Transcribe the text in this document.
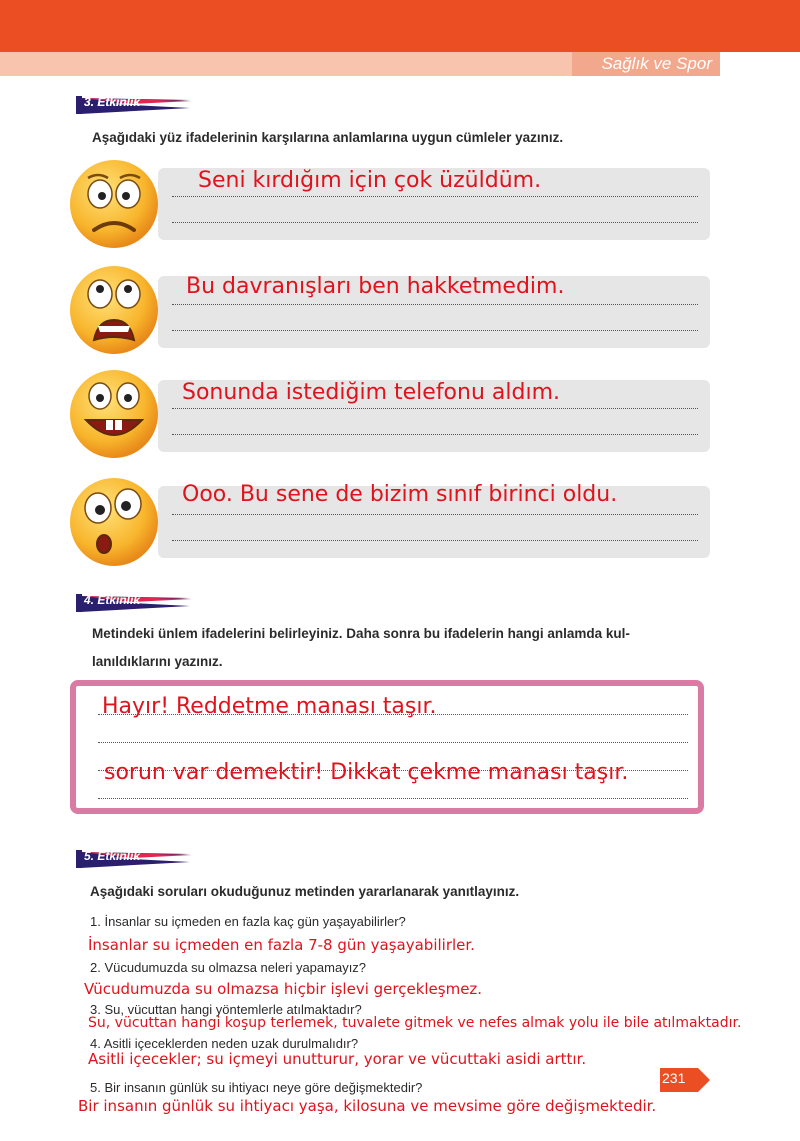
Sağlık ve Spor
3. Etkinlik
Aşağıdaki yüz ifadelerinin karşılarına anlamlarına uygun cümleler yazınız.
Seni kırdığım için çok üzüldüm.
Bu davranışları ben hakketmedim.
Sonunda istediğim telefonu aldım.
Ooo. Bu sene de bizim sınıf birinci oldu.
4. Etkinlik
Metindeki ünlem ifadelerini belirleyiniz. Daha sonra bu ifadelerin hangi anlamda kul-
lanıldıklarını yazınız.
Hayır! Reddetme manası taşır.
sorun var demektir! Dikkat çekme manası taşır.
5. Etkinlik
Aşağıdaki soruları okuduğunuz metinden yararlanarak yanıtlayınız.
1. İnsanlar su içmeden en fazla kaç gün yaşayabilirler?
İnsanlar su içmeden en fazla 7-8 gün yaşayabilirler.
2. Vücudumuzda su olmazsa neleri yapamayız?
Vücudumuzda su olmazsa hiçbir işlevi gerçekleşmez.
3. Su, vücuttan hangi yöntemlerle atılmaktadır?
Su, vücuttan hangi koşup terlemek, tuvalete gitmek ve nefes almak yolu ile bile atılmaktadır.
4. Asitli içeceklerden neden uzak durulmalıdır?
Asitli içecekler; su içmeyi unutturur, yorar ve vücuttaki asidi arttır.
5. Bir insanın günlük su ihtiyacı neye göre değişmektedir?
Bir insanın günlük su ihtiyacı yaşa, kilosuna ve mevsime göre değişmektedir.
231
